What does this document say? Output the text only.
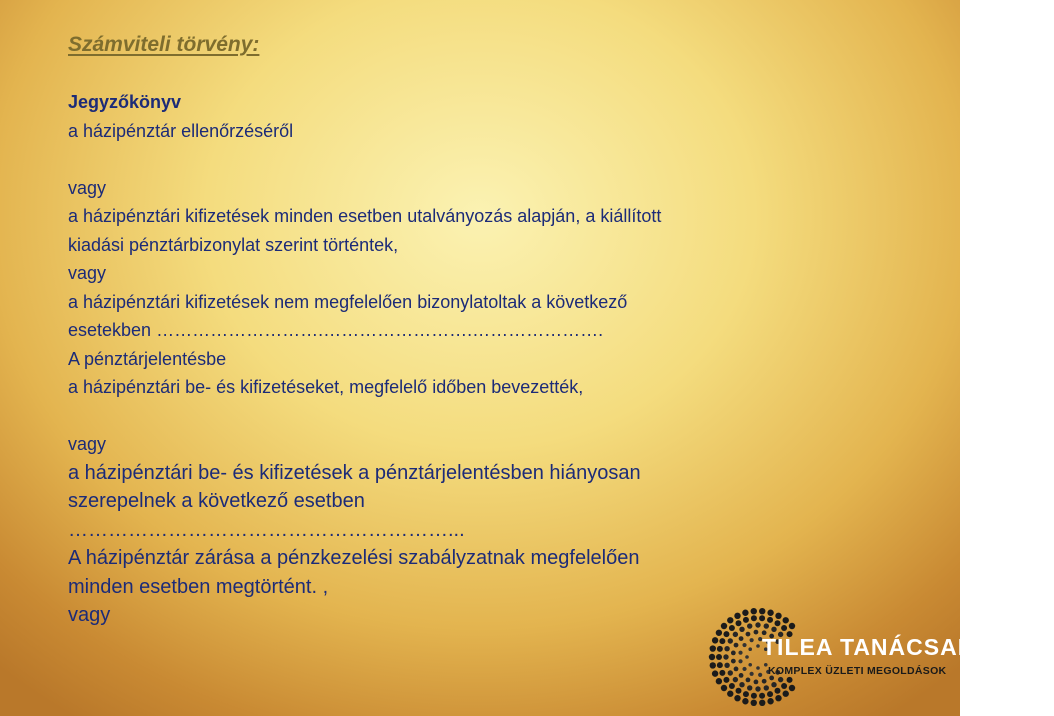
Számviteli törvény:
Jegyzőkönyv
a házipénztár ellenőrzéséről
vagy
a házipénztári kifizetések minden esetben utalványozás alapján, a kiállított
kiadási pénztárbizonylat szerint történtek,
vagy
a házipénztári kifizetések nem megfelelően bizonylatoltak a következő
esetekben ……………………….…………………….………………….
A pénztárjelentésbe
a házipénztári be- és kifizetéseket, megfelelő időben bevezették,
vagy
a házipénztári be- és kifizetések a pénztárjelentésben hiányosan
szerepelnek a következő esetben
…………………………………………………...
A házipénztár zárása a pénzkezelési szabályzatnak megfelelően
minden esetben megtörtént. ,
vagy

TILEA TANÁCSADÓ KFT.

KOMPLEX ÜZLETI MEGOLDÁSOK
